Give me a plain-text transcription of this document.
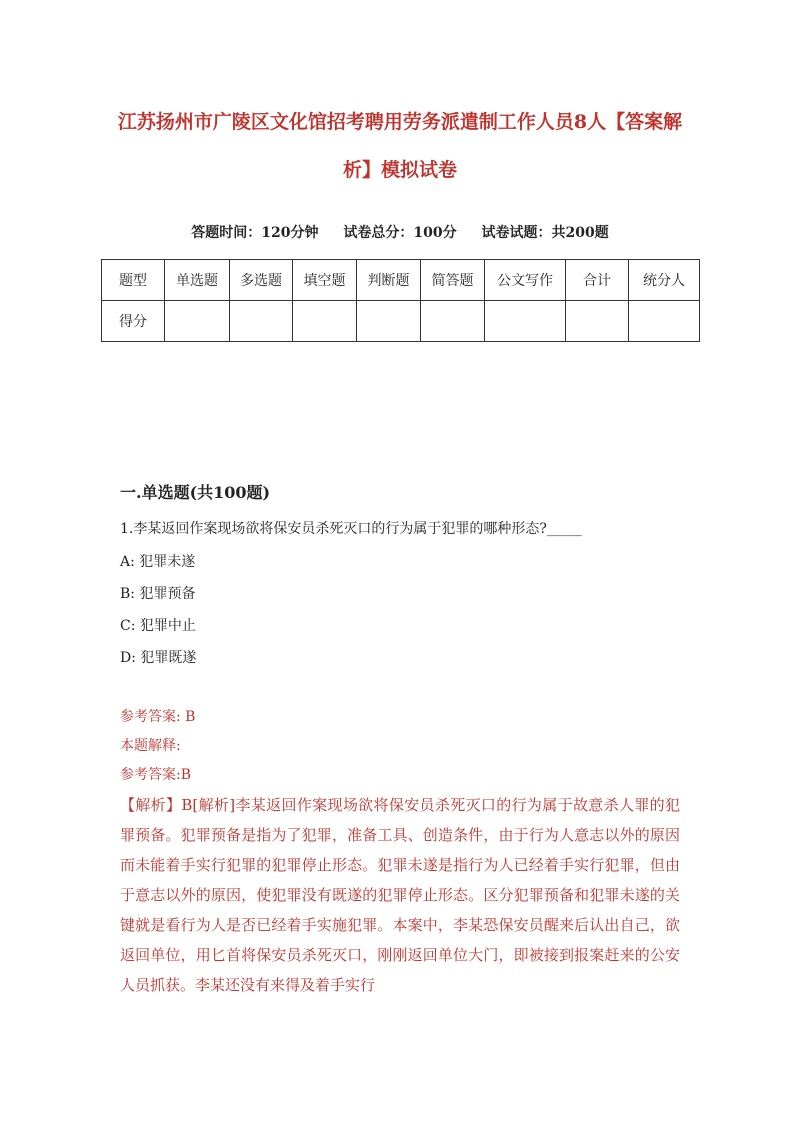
江苏扬州市广陵区文化馆招考聘用劳务派遣制工作人员8人【答案解析】模拟试卷
答题时间：120分钟 试卷总分：100分 试卷试题：共200题
题型	单选题	多选题	填空题	判断题	简答题	公文写作	合计	统分人
得分								
一.单选题(共100题)
1.李某返回作案现场欲将保安员杀死灭口的行为属于犯罪的哪种形态?_____
A: 犯罪未遂
B: 犯罪预备
C: 犯罪中止
D: 犯罪既遂
参考答案: B
本题解释:
参考答案:B
【解析】B[解析]李某返回作案现场欲将保安员杀死灭口的行为属于故意杀人罪的犯罪预备。犯罪预备是指为了犯罪，准备工具、创造条件，由于行为人意志以外的原因而未能着手实行犯罪的犯罪停止形态。犯罪未遂是指行为人已经着手实行犯罪，但由于意志以外的原因，使犯罪没有既遂的犯罪停止形态。区分犯罪预备和犯罪未遂的关键就是看行为人是否已经着手实施犯罪。本案中，李某恐保安员醒来后认出自己，欲返回单位，用匕首将保安员杀死灭口，刚刚返回单位大门，即被接到报案赶来的公安人员抓获。李某还没有来得及着手实行
